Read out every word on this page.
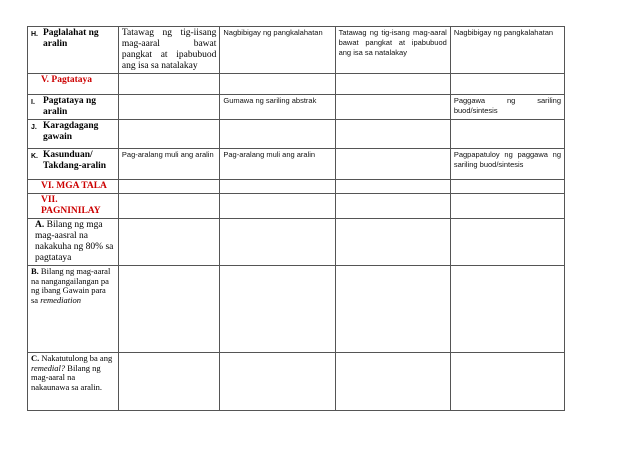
H. Paglalahat ng aralin	Tatawag ng tig-iisang mag-aaral bawat pangkat at ipabubuod ang isa sa natalakay	Nagbibigay ng pangkalahatan	Tatawag ng tig-isang mag-aaral bawat pangkat at ipabubuod ang isa sa natalakay	Nagbibigay ng pangkalahatan

V. Pagtataya				

I. Pagtataya ng aralin		Gumawa ng sariling abstrak		Paggawa ng sariling buod/sintesis

J. Karagdagang gawain				

K. Kasunduan/ Takdang-aralin	Pag-aralang muli ang aralin	Pag-aralang muli ang aralin		Pagpapatuloy ng paggawa ng sariling buod/sintesis

VI. MGA TALA				

VII. PAGNINILAY				

A. Bilang ng mga mag-aasral na nakakuha ng 80% sa pagtataya				

B. Bilang ng mag-aaral na nangangailangan pa ng ibang Gawain para sa remediation				

C. Nakatutulong ba ang remedial? Bilang ng mag-aaral na nakaunawa sa aralin.				
